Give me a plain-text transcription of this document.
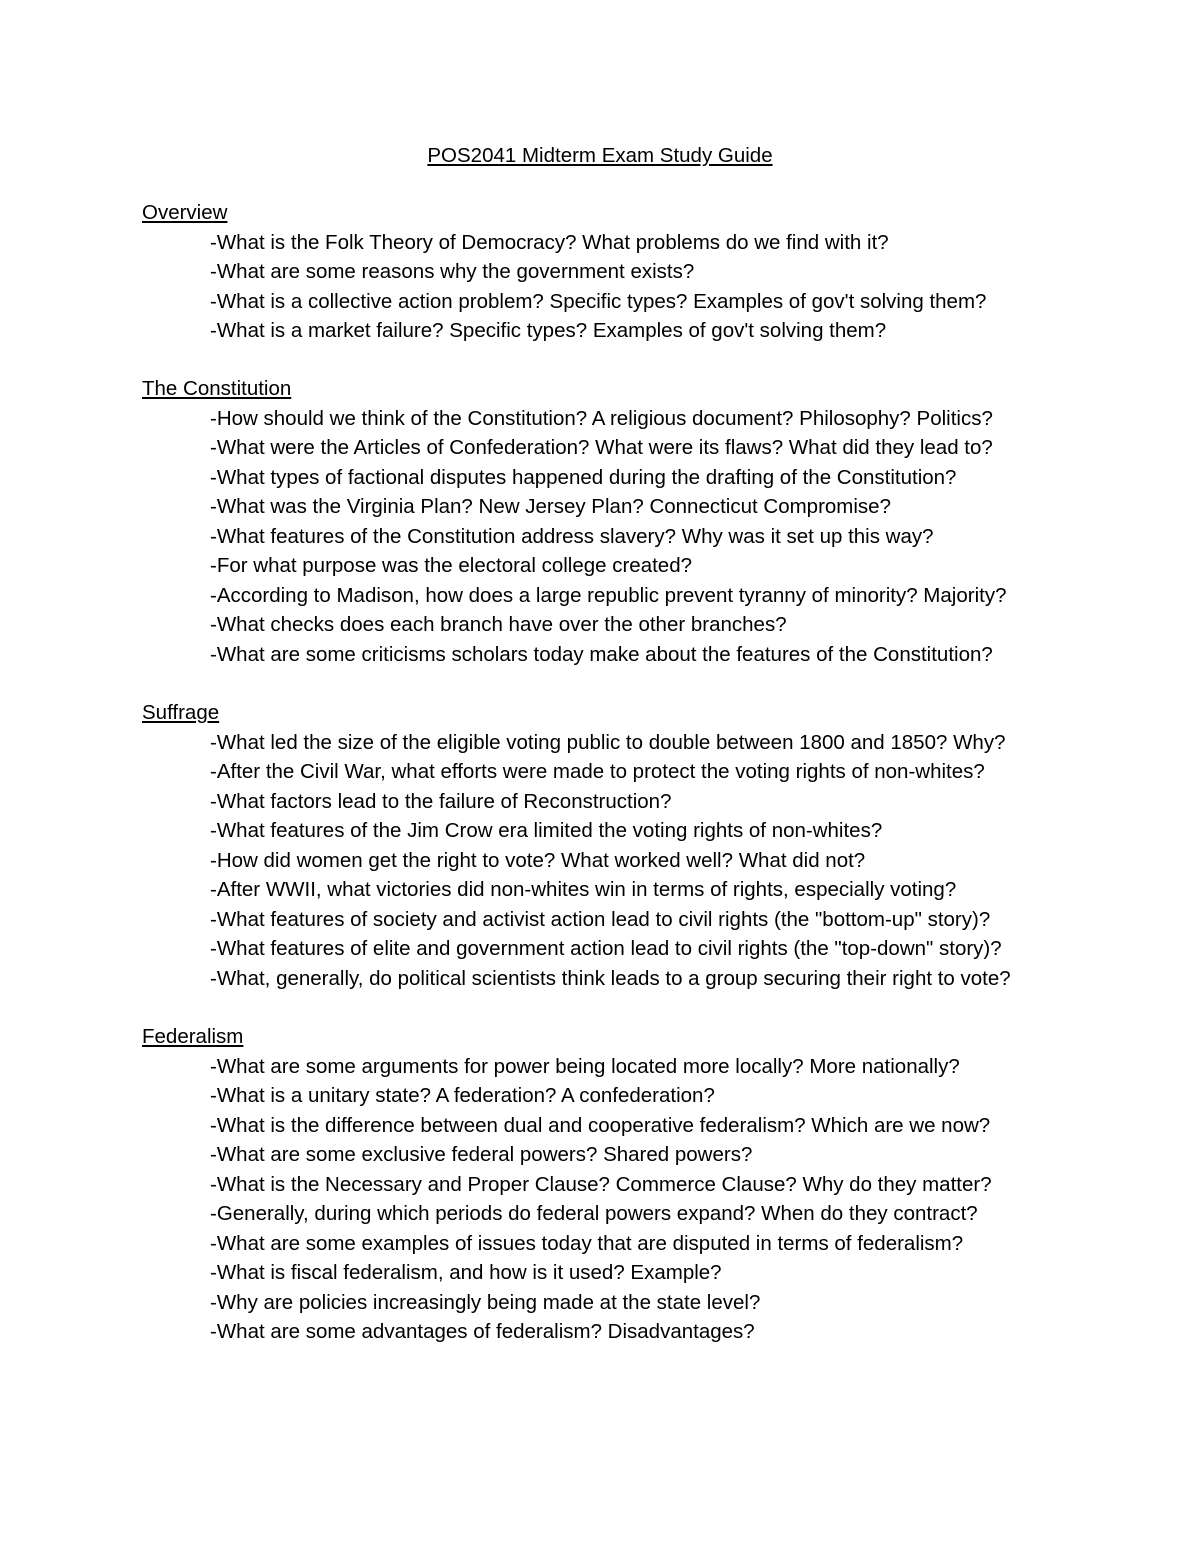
POS2041 Midterm Exam Study Guide
Overview
-What is the Folk Theory of Democracy? What problems do we find with it?
-What are some reasons why the government exists?
-What is a collective action problem? Specific types? Examples of gov't solving them?
-What is a market failure? Specific types? Examples of gov't solving them?
The Constitution
-How should we think of the Constitution? A religious document? Philosophy? Politics?
-What were the Articles of Confederation? What were its flaws? What did they lead to?
-What types of factional disputes happened during the drafting of the Constitution?
-What was the Virginia Plan? New Jersey Plan? Connecticut Compromise?
-What features of the Constitution address slavery? Why was it set up this way?
-For what purpose was the electoral college created?
-According to Madison, how does a large republic prevent tyranny of minority? Majority?
-What checks does each branch have over the other branches?
-What are some criticisms scholars today make about the features of the Constitution?
Suffrage
-What led the size of the eligible voting public to double between 1800 and 1850? Why?
-After the Civil War, what efforts were made to protect the voting rights of non-whites?
-What factors lead to the failure of Reconstruction?
-What features of the Jim Crow era limited the voting rights of non-whites?
-How did women get the right to vote? What worked well? What did not?
-After WWII, what victories did non-whites win in terms of rights, especially voting?
-What features of society and activist action lead to civil rights (the "bottom-up" story)?
-What features of elite and government action lead to civil rights (the "top-down" story)?
-What, generally, do political scientists think leads to a group securing their right to vote?
Federalism
-What are some arguments for power being located more locally? More nationally?
-What is a unitary state? A federation? A confederation?
-What is the difference between dual and cooperative federalism? Which are we now?
-What are some exclusive federal powers? Shared powers?
-What is the Necessary and Proper Clause? Commerce Clause? Why do they matter?
-Generally, during which periods do federal powers expand? When do they contract?
-What are some examples of issues today that are disputed in terms of federalism?
-What is fiscal federalism, and how is it used? Example?
-Why are policies increasingly being made at the state level?
-What are some advantages of federalism? Disadvantages?
